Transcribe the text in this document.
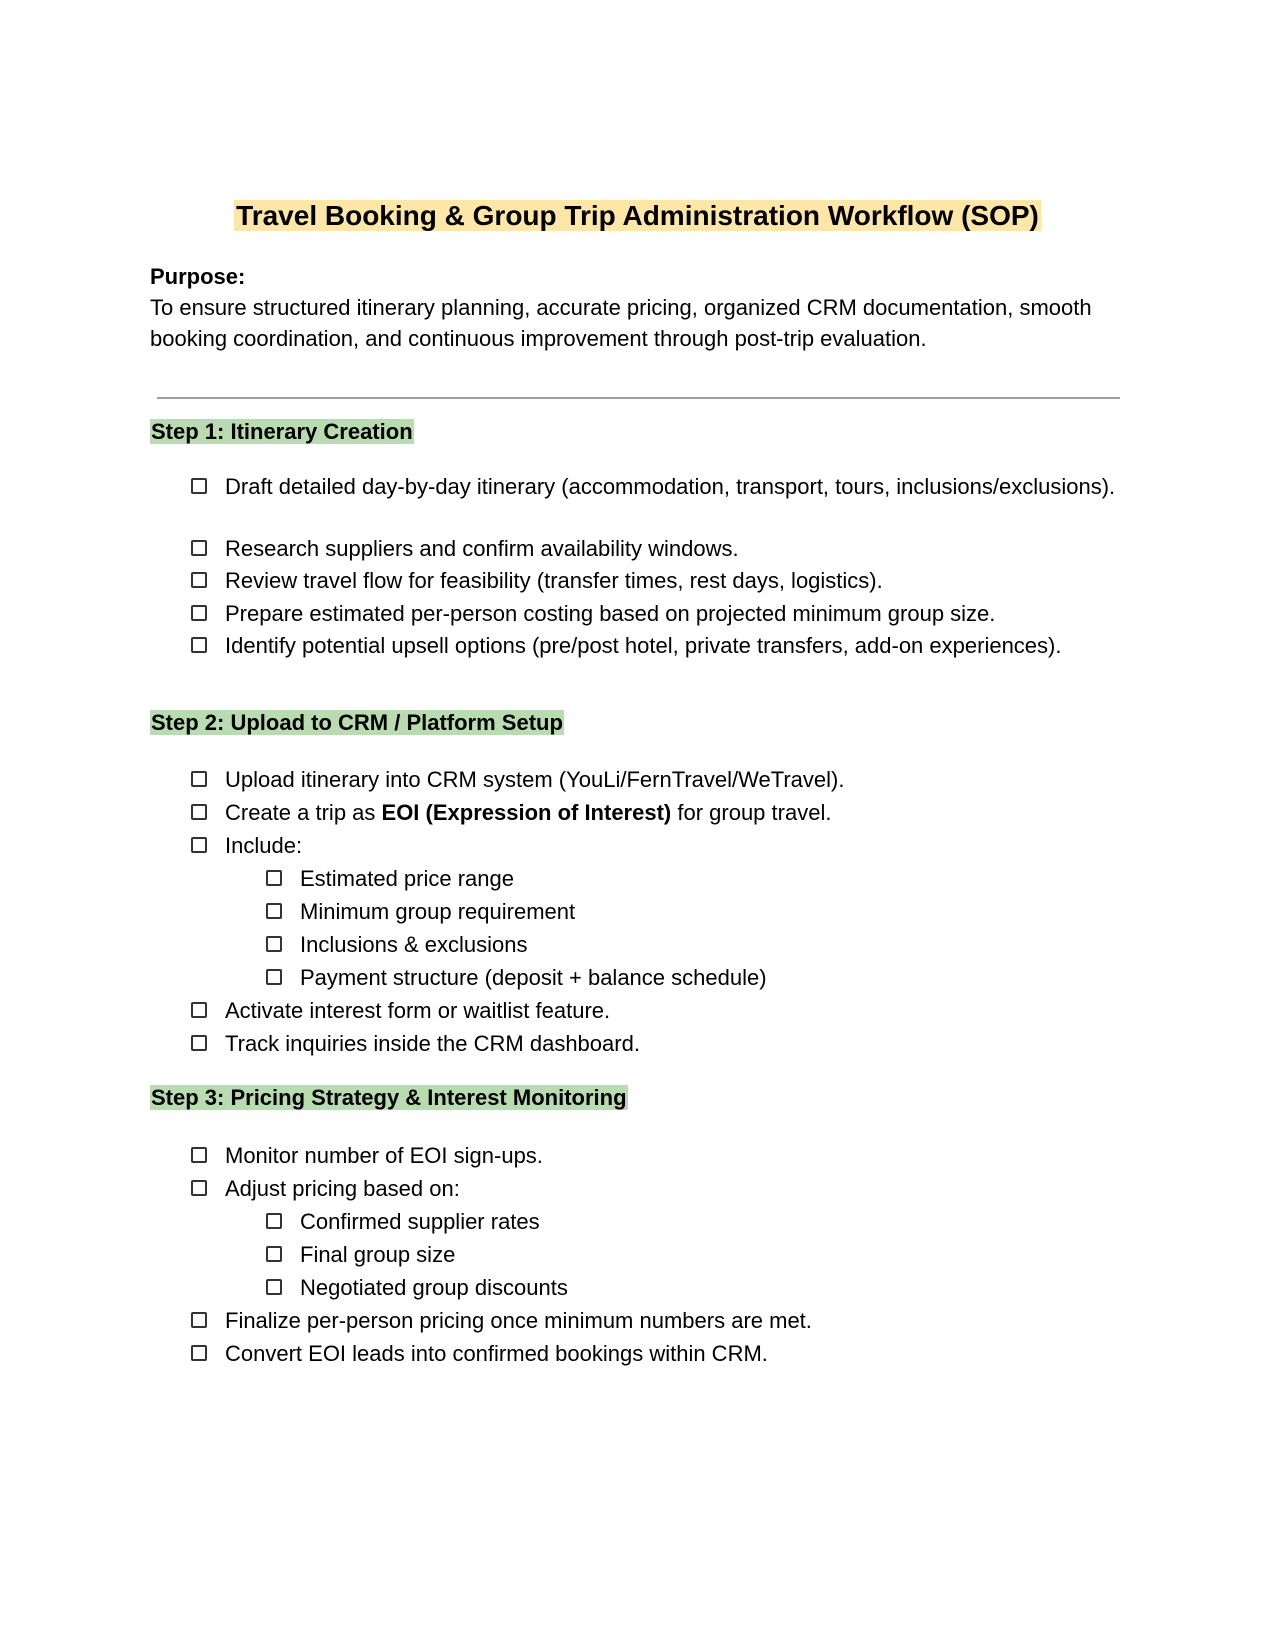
Travel Booking & Group Trip Administration Workflow (SOP)
Purpose:
To ensure structured itinerary planning, accurate pricing, organized CRM documentation, smooth booking coordination, and continuous improvement through post-trip evaluation.
Step 1: Itinerary Creation
Draft detailed day-by-day itinerary (accommodation, transport, tours, inclusions/exclusions).
Research suppliers and confirm availability windows.
Review travel flow for feasibility (transfer times, rest days, logistics).
Prepare estimated per-person costing based on projected minimum group size.
Identify potential upsell options (pre/post hotel, private transfers, add-on experiences).
Step 2: Upload to CRM / Platform Setup
Upload itinerary into CRM system (YouLi/FernTravel/WeTravel).
Create a trip as EOI (Expression of Interest) for group travel.
Include:
Estimated price range
Minimum group requirement
Inclusions & exclusions
Payment structure (deposit + balance schedule)
Activate interest form or waitlist feature.
Track inquiries inside the CRM dashboard.
Step 3: Pricing Strategy & Interest Monitoring
Monitor number of EOI sign-ups.
Adjust pricing based on:
Confirmed supplier rates
Final group size
Negotiated group discounts
Finalize per-person pricing once minimum numbers are met.
Convert EOI leads into confirmed bookings within CRM.
